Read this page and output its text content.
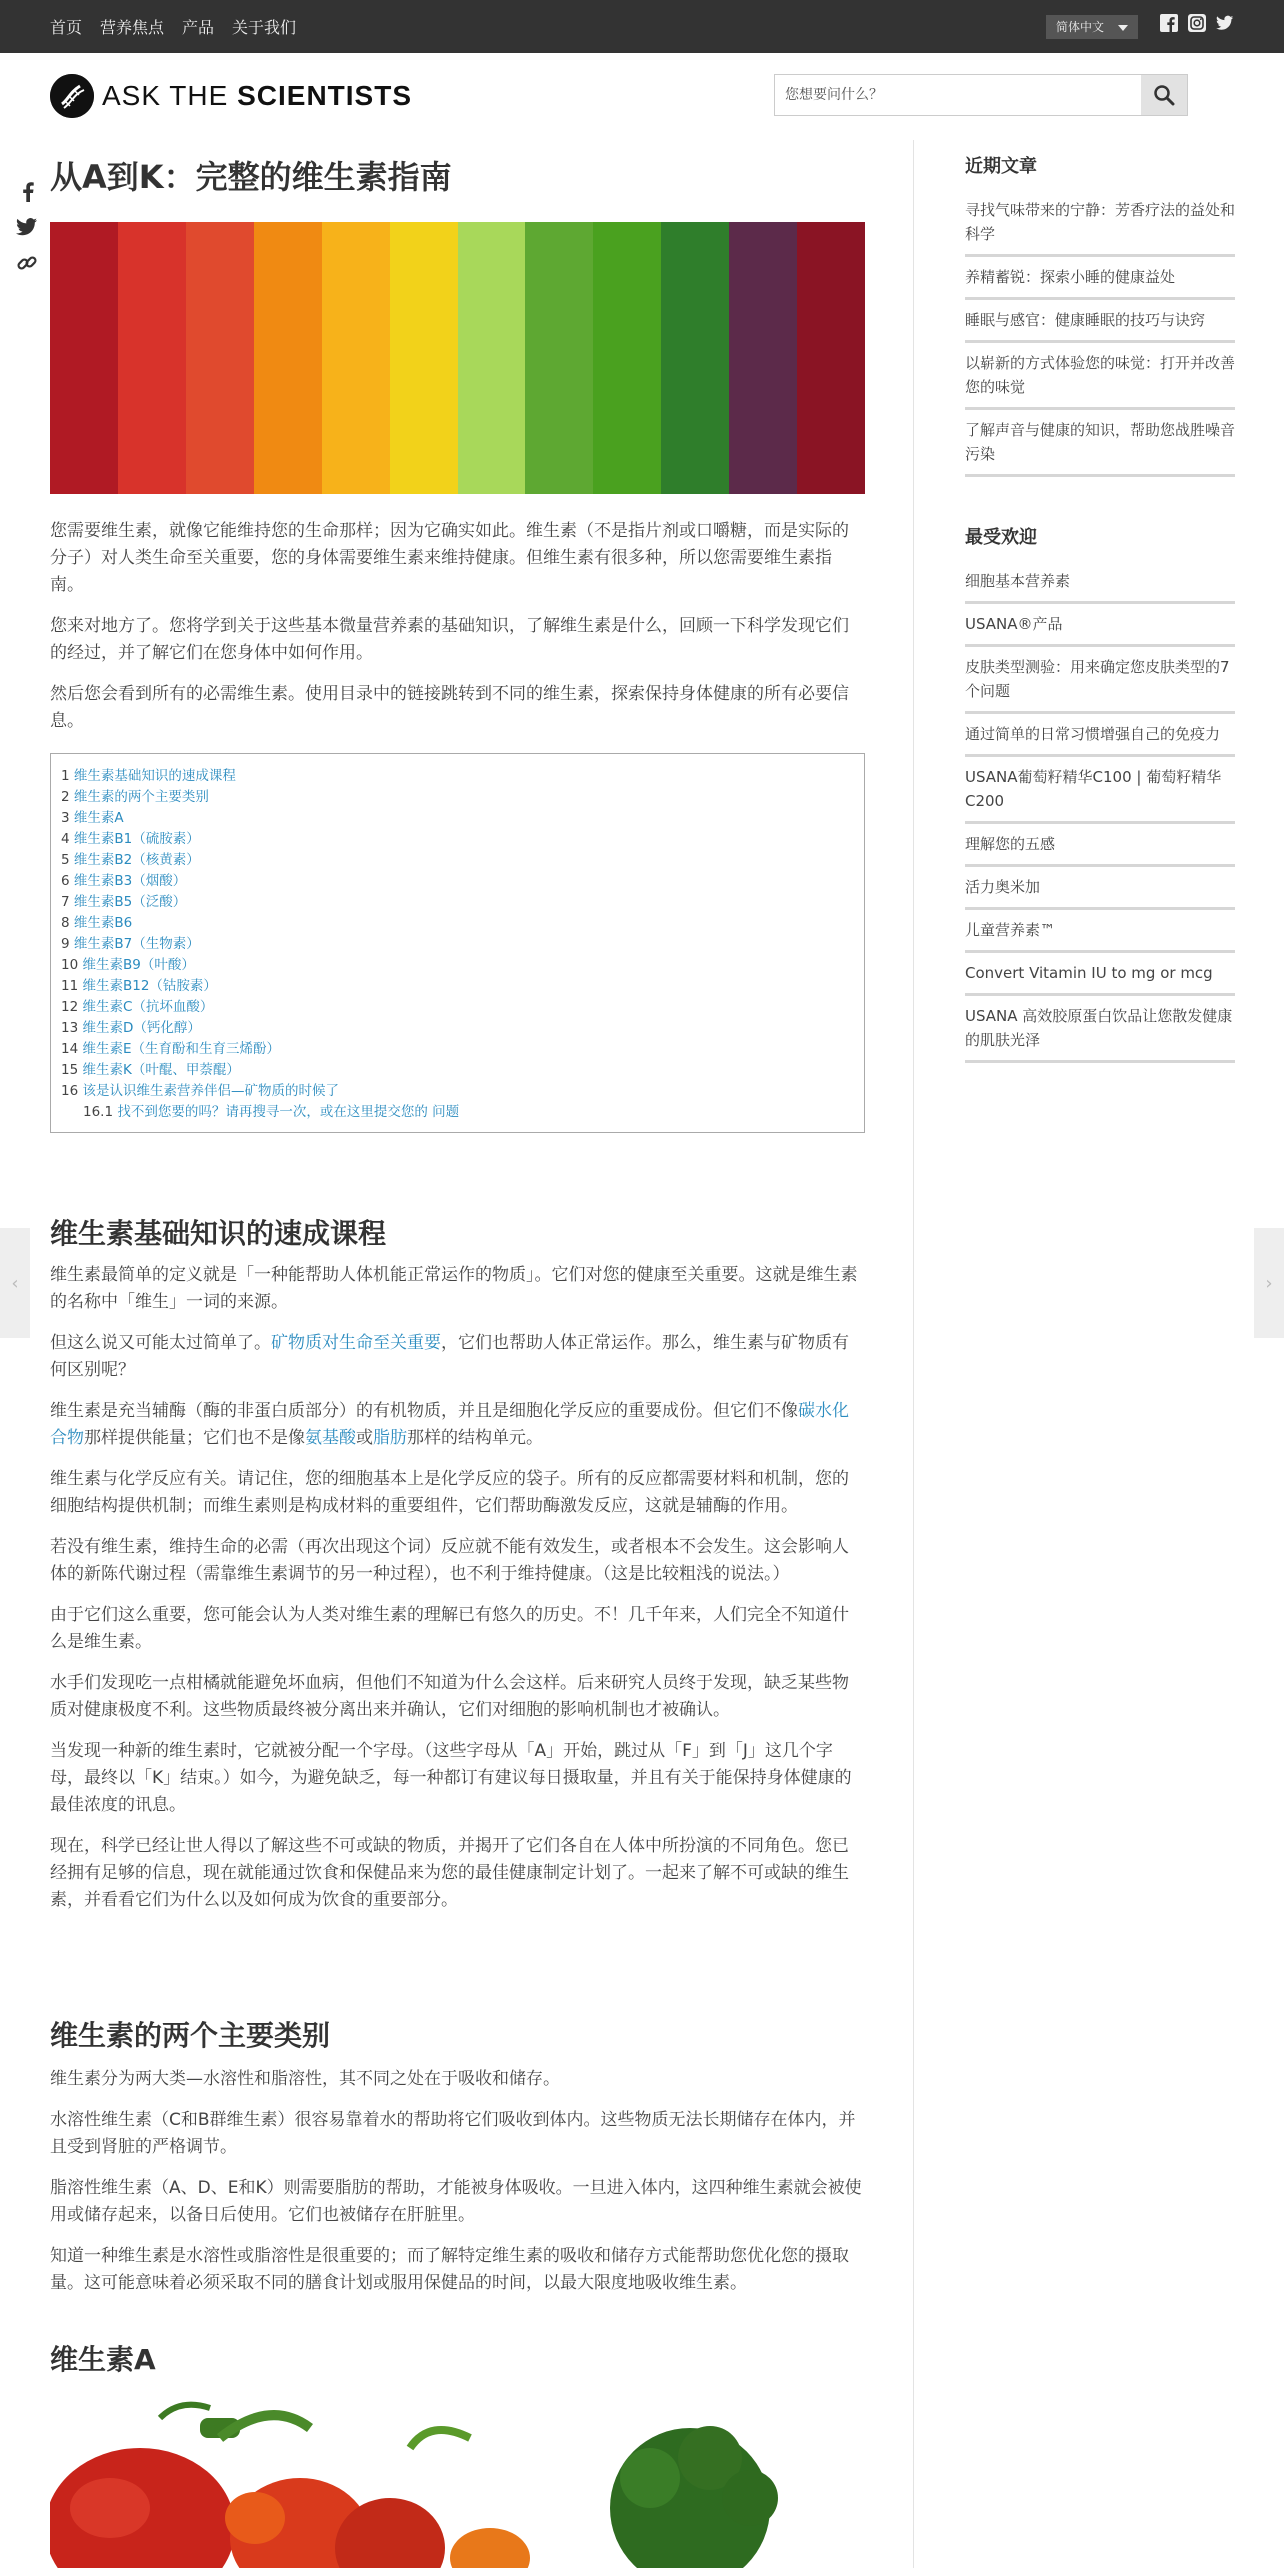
首页 营养焦点 产品 关于我们	简体中文
ASK THE SCIENTISTS
您想要问什么？
从A到K：完整的维生素指南

您需要维生素，就像它能维持您的生命那样；因为它确实如此。维生素（不是指片剂或口嚼糖，而是实际的分子）对人类生命至关重要，您的身体需要维生素来维持健康。但维生素有很多种，所以您需要维生素指南。

您来对地方了。您将学到关于这些基本微量营养素的基础知识，了解维生素是什么，回顾一下科学发现它们的经过，并了解它们在您身体中如何作用。

然后您会看到所有的必需维生素。使用目录中的链接跳转到不同的维生素，探索保持身体健康的所有必要信息。

1 维生素基础知识的速成课程
2 维生素的两个主要类别
3 维生素A
4 维生素B1（硫胺素）
5 维生素B2（核黄素）
6 维生素B3（烟酸）
7 维生素B5（泛酸）
8 维生素B6
9 维生素B7（生物素）
10 维生素B9（叶酸）
11 维生素B12（钴胺素）
12 维生素C（抗坏血酸）
13 维生素D（钙化醇）
14 维生素E（生育酚和生育三烯酚）
15 维生素K（叶醌、甲萘醌）
16 该是认识维生素营养伴侣—矿物质的时候了
16.1 找不到您要的吗？请再搜寻一次，或在这里提交您的 问题
维生素基础知识的速成课程

维生素最简单的定义就是「一种能帮助人体机能正常运作的物质」。它们对您的健康至关重要。这就是维生素的名称中「维生」一词的来源。

但这么说又可能太过简单了。矿物质对生命至关重要，它们也帮助人体正常运作。那么，维生素与矿物质有何区别呢？

维生素是充当辅酶（酶的非蛋白质部分）的有机物质，并且是细胞化学反应的重要成份。但它们不像碳水化合物那样提供能量；它们也不是像氨基酸或脂肪那样的结构单元。

维生素与化学反应有关。请记住，您的细胞基本上是化学反应的袋子。所有的反应都需要材料和机制，您的细胞结构提供机制；而维生素则是构成材料的重要组件，它们帮助酶激发反应，这就是辅酶的作用。

若没有维生素，维持生命的必需（再次出现这个词）反应就不能有效发生，或者根本不会发生。这会影响人体的新陈代谢过程（需靠维生素调节的另一种过程），也不利于维持健康。（这是比较粗浅的说法。）

由于它们这么重要，您可能会认为人类对维生素的理解已有悠久的历史。不！几千年来，人们完全不知道什么是维生素。

水手们发现吃一点柑橘就能避免坏血病，但他们不知道为什么会这样。后来研究人员终于发现，缺乏某些物质对健康极度不利。这些物质最终被分离出来并确认，它们对细胞的影响机制也才被确认。

当发现一种新的维生素时，它就被分配一个字母。（这些字母从「A」开始，跳过从「F」到「J」这几个字母，最终以「K」结束。）如今，为避免缺乏，每一种都订有建议每日摄取量，并且有关于能保持身体健康的最佳浓度的讯息。

现在，科学已经让世人得以了解这些不可或缺的物质，并揭开了它们各自在人体中所扮演的不同角色。您已经拥有足够的信息，现在就能通过饮食和保健品来为您的最佳健康制定计划了。一起来了解不可或缺的维生素，并看看它们为什么以及如何成为饮食的重要部分。

维生素的两个主要类别

维生素分为两大类—水溶性和脂溶性，其不同之处在于吸收和储存。

水溶性维生素（C和B群维生素）很容易靠着水的帮助将它们吸收到体内。这些物质无法长期储存在体内，并且受到肾脏的严格调节。

脂溶性维生素（A、D、E和K）则需要脂肪的帮助，才能被身体吸收。一旦进入体内，这四种维生素就会被使用或储存起来，以备日后使用。它们也被储存在肝脏里。

知道一种维生素是水溶性或脂溶性是很重要的；而了解特定维生素的吸收和储存方式能帮助您优化您的摄取量。这可能意味着必须采取不同的膳食计划或服用保健品的时间，以最大限度地吸收维生素。

维生素A
近期文章
寻找气味带来的宁静：芳香疗法的益处和科学
养精蓄锐：探索小睡的健康益处
睡眠与感官：健康睡眠的技巧与诀窍
以崭新的方式体验您的味觉：打开并改善您的味觉
了解声音与健康的知识，帮助您战胜噪音污染
最受欢迎
细胞基本营养素
USANA®产品
皮肤类型测验：用来确定您皮肤类型的7个问题
通过简单的日常习惯增强自己的免疫力
USANA葡萄籽精华C100 | 葡萄籽精华C200
理解您的五感
活力奥米加
儿童营养素™
Convert Vitamin IU to mg or mcg
USANA 高效胶原蛋白饮品让您散发健康的肌肤光泽
‹	›
